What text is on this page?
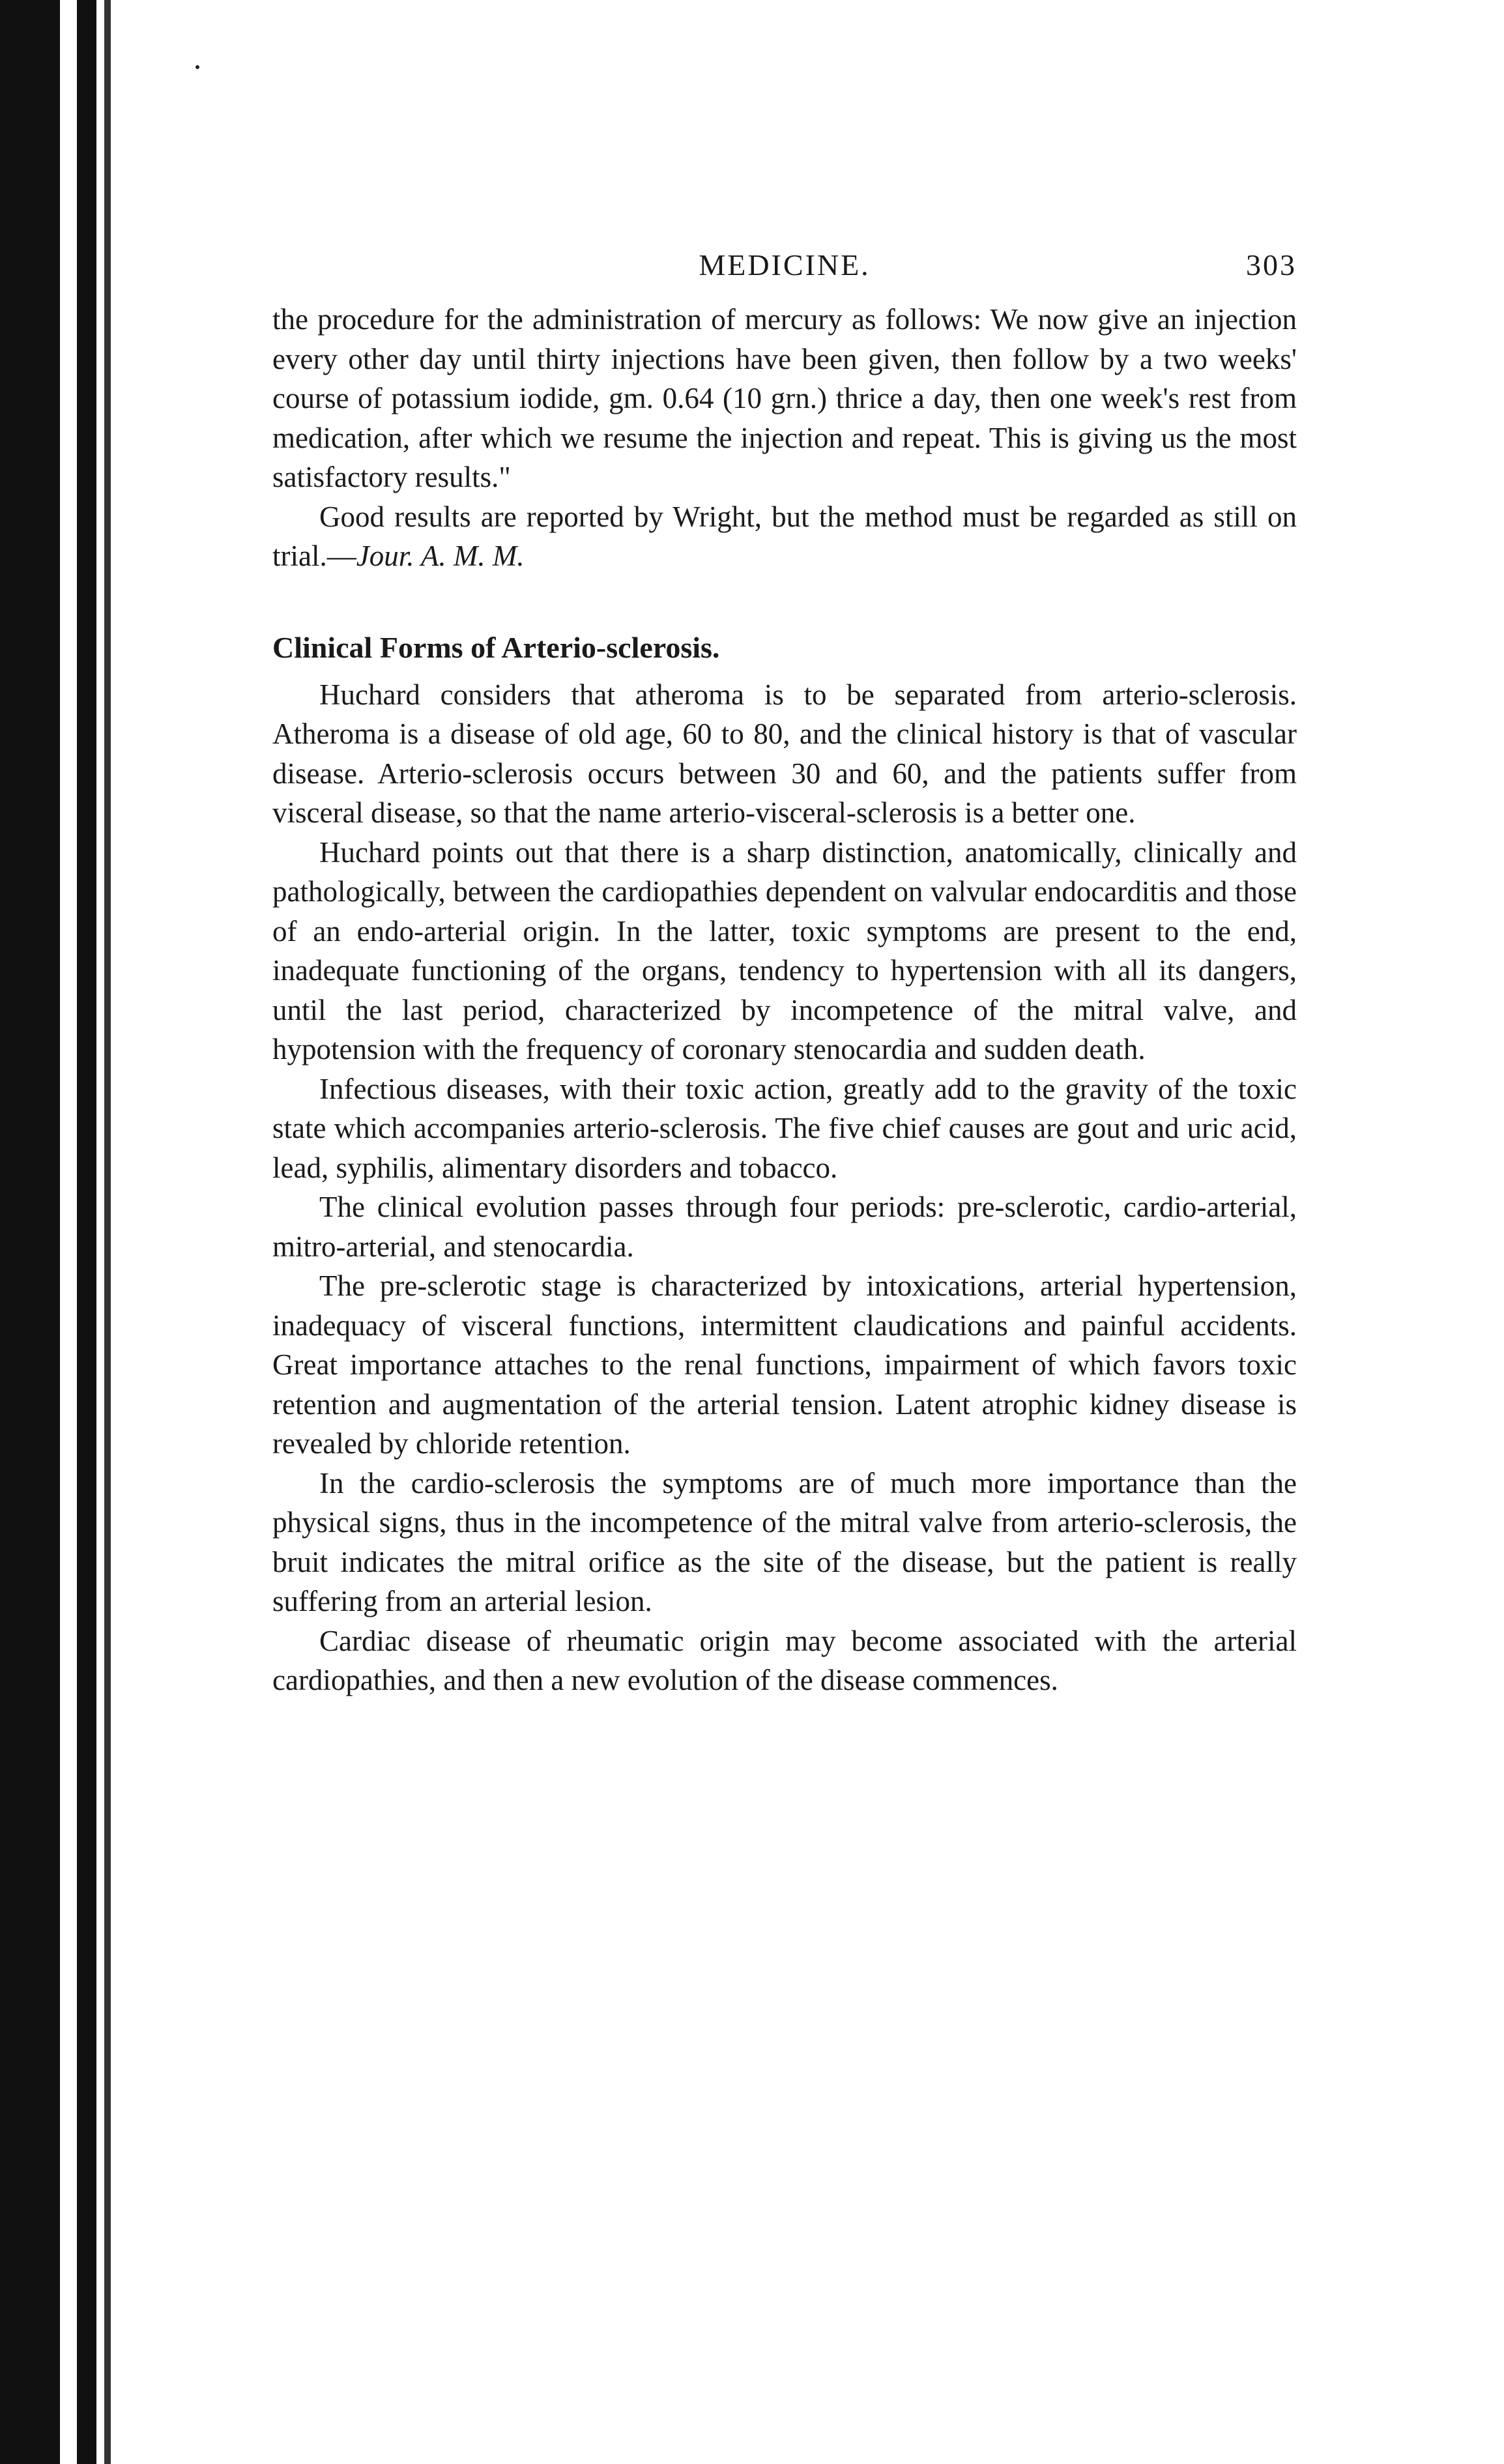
MEDICINE.	303

the procedure for the administration of mercury as follows: We now give an injection every other day until thirty injections have been given, then follow by a two weeks' course of potassium iodide, gm. 0.64 (10 grn.) thrice a day, then one week's rest from medication, after which we resume the injection and repeat. This is giving us the most satisfactory results."

Good results are reported by Wright, but the method must be regarded as still on trial.—Jour. A. M. M.

Clinical Forms of Arterio-sclerosis.

Huchard considers that atheroma is to be separated from arterio-sclerosis. Atheroma is a disease of old age, 60 to 80, and the clinical history is that of vascular disease. Arterio-sclerosis occurs between 30 and 60, and the patients suffer from visceral disease, so that the name arterio-visceral-sclerosis is a better one.

Huchard points out that there is a sharp distinction, anatomically, clinically and pathologically, between the cardiopathies dependent on valvular endocarditis and those of an endo-arterial origin. In the latter, toxic symptoms are present to the end, inadequate functioning of the organs, tendency to hypertension with all its dangers, until the last period, characterized by incompetence of the mitral valve, and hypotension with the frequency of coronary stenocardia and sudden death.

Infectious diseases, with their toxic action, greatly add to the gravity of the toxic state which accompanies arterio-sclerosis. The five chief causes are gout and uric acid, lead, syphilis, alimentary disorders and tobacco.

The clinical evolution passes through four periods: pre-sclerotic, cardio-arterial, mitro-arterial, and stenocardia.

The pre-sclerotic stage is characterized by intoxications, arterial hypertension, inadequacy of visceral functions, intermittent claudications and painful accidents. Great importance attaches to the renal functions, impairment of which favors toxic retention and augmentation of the arterial tension. Latent atrophic kidney disease is revealed by chloride retention.

In the cardio-sclerosis the symptoms are of much more importance than the physical signs, thus in the incompetence of the mitral valve from arterio-sclerosis, the bruit indicates the mitral orifice as the site of the disease, but the patient is really suffering from an arterial lesion.

Cardiac disease of rheumatic origin may become associated with the arterial cardiopathies, and then a new evolution of the disease commences.
